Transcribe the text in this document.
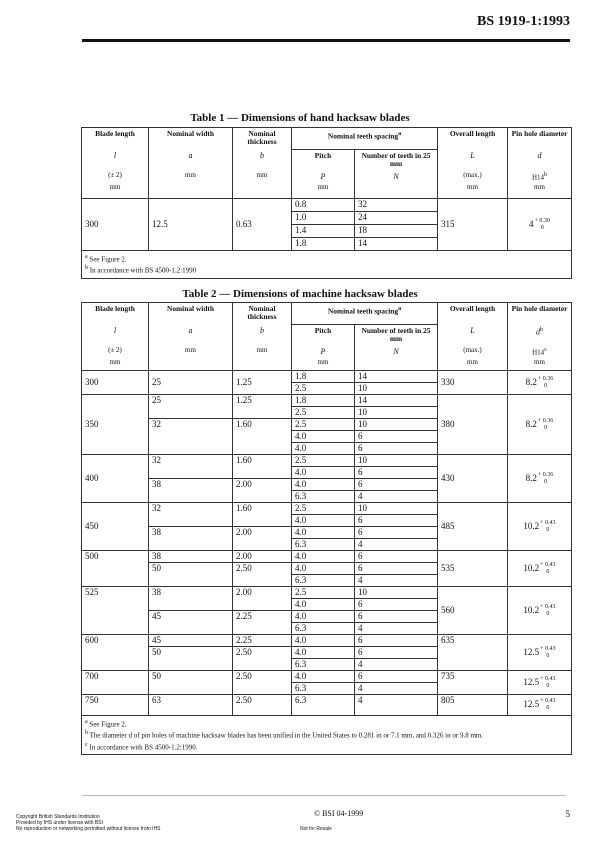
BS 1919-1:1993
Table 1 — Dimensions of hand hacksaw blades
Blade length	Nominal width	Nominal thickness	Nominal teeth spacing$^a$		Overall length	Pin hole diameter
l	a	b	Pitch	Number of teeth in 25 mm	L	d
(± 2)	mm	mm	P	N	(max.)	H14$^b$
mm			mm		mm	mm
300	12.5	0.63	0.8	32	315	4+ 0.30
0
			1.0	24		
			1.4	18		
			1.8	14		
$^a$ See Figure 2.
$^b$ In accordance with BS 4500-1.2:1990						
Table 2 — Dimensions of machine hacksaw blades
Blade length	Nominal width	Nominal thickness	Nominal teeth spacing$^a$		Overall length	Pin hole diameter
l	a	b	Pitch	Number of teeth in 25 mm	L	$d^b$
(± 2)	mm	mm	P	N	(max.)	H14$^c$
mm			mm		mm	mm
300	25	1.25	1.8	14	330	8.2+ 0.36
0
			2.5	10		
350	25	1.25	1.8	14	380	8.2+ 0.36
0
			2.5	10		
	32	1.60	2.5	10		
			4.0	6		
			4.0	6		
400	32	1.60	2.5	10	430	8.2+ 0.36
0
			4.0	6		
	38	2.00	4.0	6		
			6.3	4		
450	32	1.60	2.5	10	485	10.2+ 0.43
0
			4.0	6		
	38	2.00	4.0	6		
			6.3	4		
500	38	2.00	4.0	6	535	10.2+ 0.43
0
	50	2.50	4.0	6		
			6.3	4		
525	38	2.00	2.5	10	560	10.2+ 0.43
0
			4.0	6		
	45	2.25	4.0	6		
			6.3	4		
600	45	2.25	4.0	6	635	12.5+ 0.43
0
	50	2.50	4.0	6		
			6.3	4		
700	50	2.50	4.0	6	735	12.5+ 0.43
0
			6.3	4		
750	63	2.50	6.3	4	805	12.5+ 0.43
0
$^a$ See Figure 2.
$^b$ The diameter d of pin holes of machine hacksaw blades has been unified in the United States to 0.281 in or 7.1 mm, and 0.326 in or 9.8 mm.
$^c$ In accordance with BS 4500-1.2:1990.						
© BSI 04-1999	5
Copyright British Standards Institution
Provided by IHS under license with BSI
No reproduction or networking permitted without license from IHS	Not for Resale
